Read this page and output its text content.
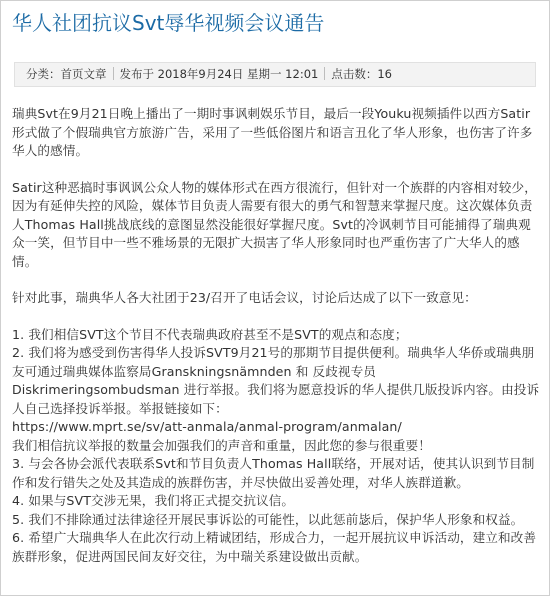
华人社团抗议Svt辱华视频会议通告
分类：首页文章 发布于 2018年9月24日 星期一 12:01 点击数：16

瑞典Svt在9月21日晚上播出了一期时事讽刺娱乐节目，最后一段Youku视频插件以西方Satir形式做了个假瑞典官方旅游广告，采用了一些低俗图片和语言丑化了华人形象，也伤害了许多华人的感情。

Satir这种恶搞时事讽讽公众人物的媒体形式在西方很流行，但针对一个族群的内容相对较少，因为有延伸失控的风险，媒体节目负责人需要有很大的勇气和智慧来掌握尺度。这次媒体负责人Thomas Hall挑战底线的意图显然没能很好掌握尺度。Svt的冷讽刺节目可能捕得了瑞典观众一笑，但节目中一些不雅场景的无限扩大损害了华人形象同时也严重伤害了广大华人的感情。

针对此事，瑞典华人各大社团于23/召开了电话会议，讨论后达成了以下一致意见：

1. 我们相信SVT这个节目不代表瑞典政府甚至不是SVT的观点和态度；

2. 我们将为感受到伤害得华人投诉SVT9月21号的那期节目提供便利。瑞典华人华侨或瑞典朋友可通过瑞典媒体监察局Granskningsnämnden 和 反歧视专员Diskrimeringsombudsman 进行举报。我们将为愿意投诉的华人提供几版投诉内容。由投诉人自己选择投诉举报。举报链接如下：

https://www.mprt.se/sv/att-anmala/anmal-program/anmalan/

我们相信抗议举报的数量会加强我们的声音和重量，因此您的参与很重要！

3. 与会各协会派代表联系Svt和节目负责人Thomas Hall联络，开展对话，使其认识到节目制作和发行错失之处及其造成的族群伤害，并尽快做出妥善处理，对华人族群道歉。

4. 如果与SVT交涉无果，我们将正式提交抗议信。

5. 我们不排除通过法律途径开展民事诉讼的可能性，以此惩前毖后，保护华人形象和权益。

6. 希望广大瑞典华人在此次行动上精诚团结，形成合力，一起开展抗议申诉活动，建立和改善族群形象，促进两国民间友好交往，为中瑞关系建设做出贡献。
